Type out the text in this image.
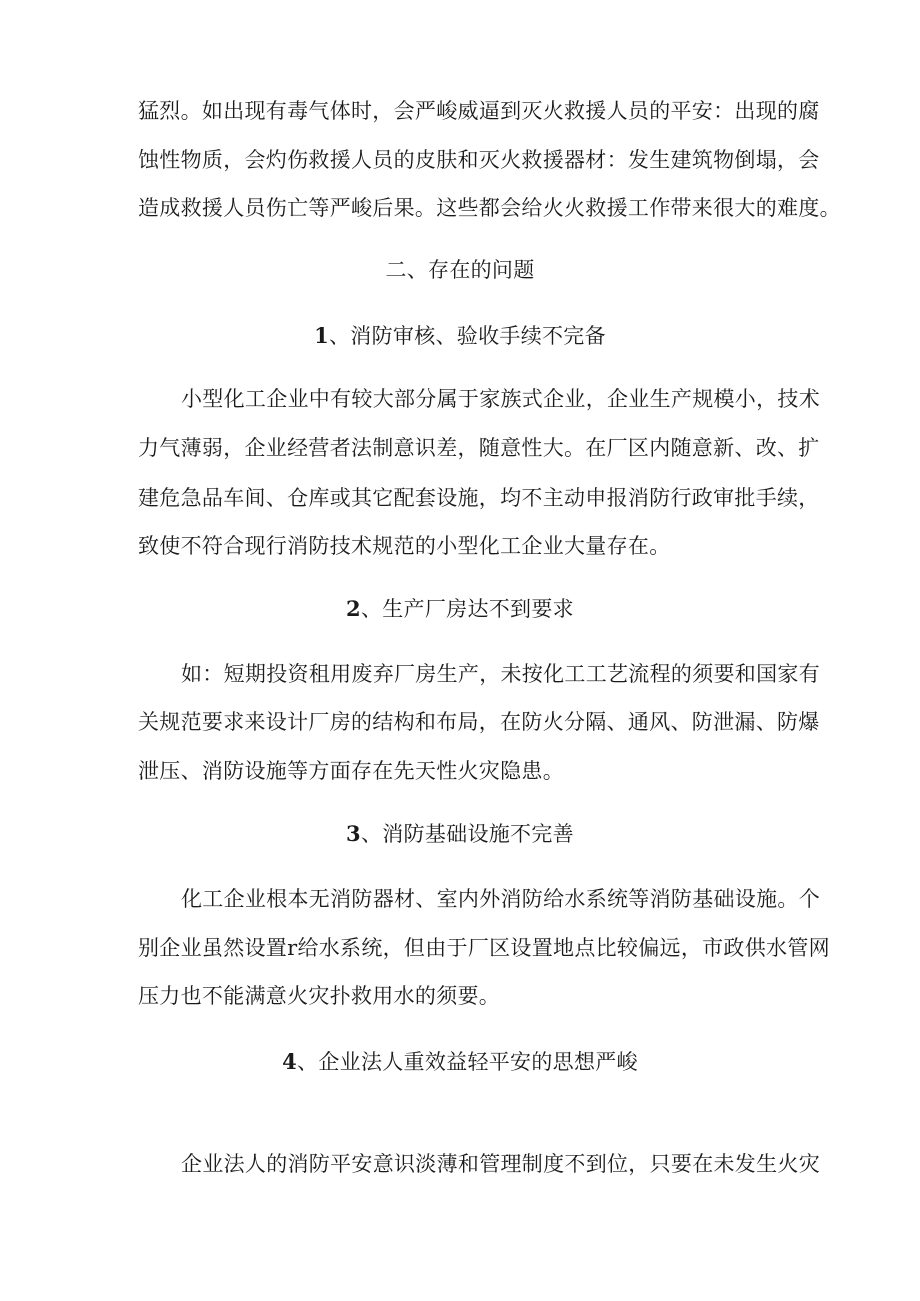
猛烈。如出现有毒气体时，会严峻威逼到灭火救援人员的平安：出现的腐
蚀性物质，会灼伤救援人员的皮肤和灭火救援器材：发生建筑物倒塌，会
造成救援人员伤亡等严峻后果。这些都会给火火救援工作带来很大的难度。
二、存在的问题
1、消防审核、验收手续不完备
小型化工企业中有较大部分属于家族式企业，企业生产规模小，技术
力气薄弱，企业经营者法制意识差，随意性大。在厂区内随意新、改、扩
建危急品车间、仓库或其它配套设施，均不主动申报消防行政审批手续，
致使不符合现行消防技术规范的小型化工企业大量存在。
2、生产厂房达不到要求
如：短期投资租用废弃厂房生产，未按化工工艺流程的须要和国家有
关规范要求来设计厂房的结构和布局，在防火分隔、通风、防泄漏、防爆
泄压、消防设施等方面存在先天性火灾隐患。
3、消防基础设施不完善
化工企业根本无消防器材、室内外消防给水系统等消防基础设施。个
别企业虽然设置r给水系统，但由于厂区设置地点比较偏远，市政供水管网
压力也不能满意火灾扑救用水的须要。
4、企业法人重效益轻平安的思想严峻
企业法人的消防平安意识淡薄和管理制度不到位，只要在未发生火灾
